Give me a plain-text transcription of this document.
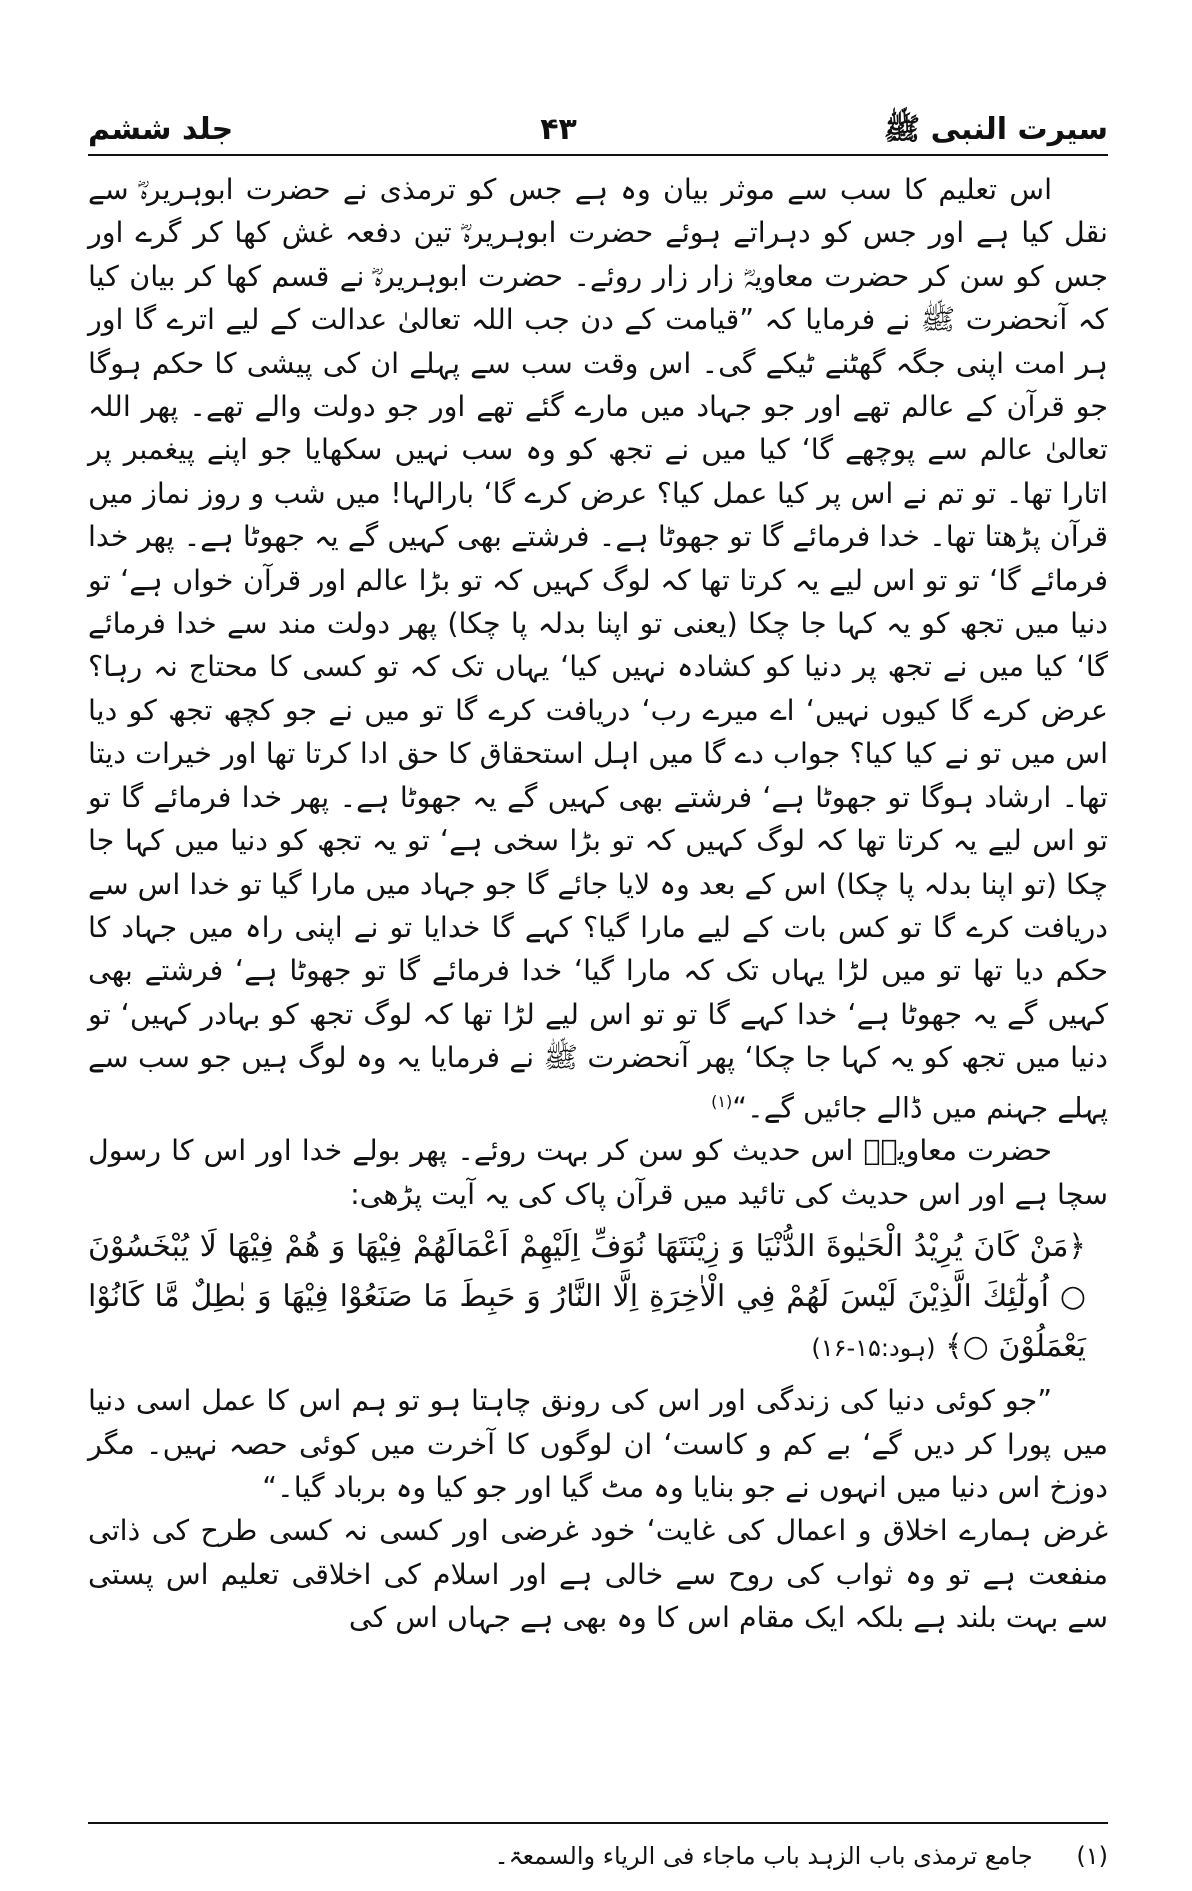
سیرت النبی ﷺ
۴۳
جلد ششم

اس تعلیم کا سب سے موثر بیان وہ ہے جس کو ترمذی نے حضرت ابوہریرہؓ سے نقل کیا ہے اور جس کو دہراتے ہوئے حضرت ابوہریرہؓ تین دفعہ غش کھا کر گرے اور جس کو سن کر حضرت معاویہؓ زار زار روئے۔ حضرت ابوہریرہؓ نے قسم کھا کر بیان کیا کہ آنحضرت ﷺ نے فرمایا کہ ”قیامت کے دن جب اللہ تعالیٰ عدالت کے لیے اترے گا اور ہر امت اپنی جگہ گھٹنے ٹیکے گی۔ اس وقت سب سے پہلے ان کی پیشی کا حکم ہوگا جو قرآن کے عالم تھے اور جو جہاد میں مارے گئے تھے اور جو دولت والے تھے۔ پھر اللہ تعالیٰ عالم سے پوچھے گا‘ کیا میں نے تجھ کو وہ سب نہیں سکھایا جو اپنے پیغمبر پر اتارا تھا۔ تو تم نے اس پر کیا عمل کیا؟ عرض کرے گا‘ بارالہا! میں شب و روز نماز میں قرآن پڑھتا تھا۔ خدا فرمائے گا تو جھوٹا ہے۔ فرشتے بھی کہیں گے یہ جھوٹا ہے۔ پھر خدا فرمائے گا‘ تو تو اس لیے یہ کرتا تھا کہ لوگ کہیں کہ تو بڑا عالم اور قرآن خواں ہے‘ تو دنیا میں تجھ کو یہ کہا جا چکا (یعنی تو اپنا بدلہ پا چکا) پھر دولت مند سے خدا فرمائے گا‘ کیا میں نے تجھ پر دنیا کو کشادہ نہیں کیا‘ یہاں تک کہ تو کسی کا محتاج نہ رہا؟ عرض کرے گا کیوں نہیں‘ اے میرے رب‘ دریافت کرے گا تو میں نے جو کچھ تجھ کو دیا اس میں تو نے کیا کیا؟ جواب دے گا میں اہل استحقاق کا حق ادا کرتا تھا اور خیرات دیتا تھا۔ ارشاد ہوگا تو جھوٹا ہے‘ فرشتے بھی کہیں گے یہ جھوٹا ہے۔ پھر خدا فرمائے گا تو تو اس لیے یہ کرتا تھا کہ لوگ کہیں کہ تو بڑا سخی ہے‘ تو یہ تجھ کو دنیا میں کہا جا چکا (تو اپنا بدلہ پا چکا) اس کے بعد وہ لایا جائے گا جو جہاد میں مارا گیا تو خدا اس سے دریافت کرے گا تو کس بات کے لیے مارا گیا؟ کہے گا خدایا تو نے اپنی راہ میں جہاد کا حکم دیا تھا تو میں لڑا یہاں تک کہ مارا گیا‘ خدا فرمائے گا تو جھوٹا ہے‘ فرشتے بھی کہیں گے یہ جھوٹا ہے‘ خدا کہے گا تو تو اس لیے لڑا تھا کہ لوگ تجھ کو بہادر کہیں‘ تو دنیا میں تجھ کو یہ کہا جا چکا‘ پھر آنحضرت ﷺ نے فرمایا یہ وہ لوگ ہیں جو سب سے پہلے جہنم میں ڈالے جائیں گے۔“$^{(۱)}$

حضرت معاویہؓ اس حدیث کو سن کر بہت روئے۔ پھر بولے خدا اور اس کا رسول سچا ہے اور اس حدیث کی تائید میں قرآن پاک کی یہ آیت پڑھی:

﴿مَنْ كَانَ يُرِيْدُ الْحَيٰوةَ الدُّنْيَا وَ زِيْنَتَهَا نُوَفِّ اِلَيْهِمْ اَعْمَالَهُمْ فِيْهَا وَ هُمْ فِيْهَا لَا يُبْخَسُوْنَ ○ اُولٰٓئِكَ الَّذِيْنَ لَيْسَ لَهُمْ فِي الْاٰخِرَةِ اِلَّا النَّارُ وَ حَبِطَ مَا صَنَعُوْا فِيْهَا وَ بٰطِلٌ مَّا كَانُوْا يَعْمَلُوْنَ ○﴾ (ہود:۱۵-۱۶)

”جو کوئی دنیا کی زندگی اور اس کی رونق چاہتا ہو تو ہم اس کا عمل اسی دنیا میں پورا کر دیں گے‘ بے کم و کاست‘ ان لوگوں کا آخرت میں کوئی حصہ نہیں۔ مگر دوزخ اس دنیا میں انہوں نے جو بنایا وہ مٹ گیا اور جو کیا وہ برباد گیا۔“

غرض ہمارے اخلاق و اعمال کی غایت‘ خود غرضی اور کسی نہ کسی طرح کی ذاتی منفعت ہے تو وہ ثواب کی روح سے خالی ہے اور اسلام کی اخلاقی تعلیم اس پستی سے بہت بلند ہے بلکہ ایک مقام اس کا وہ بھی ہے جہاں اس کی

(۱) جامع ترمذی باب الزہد باب ماجاء فی الریاء والسمعۃ۔
